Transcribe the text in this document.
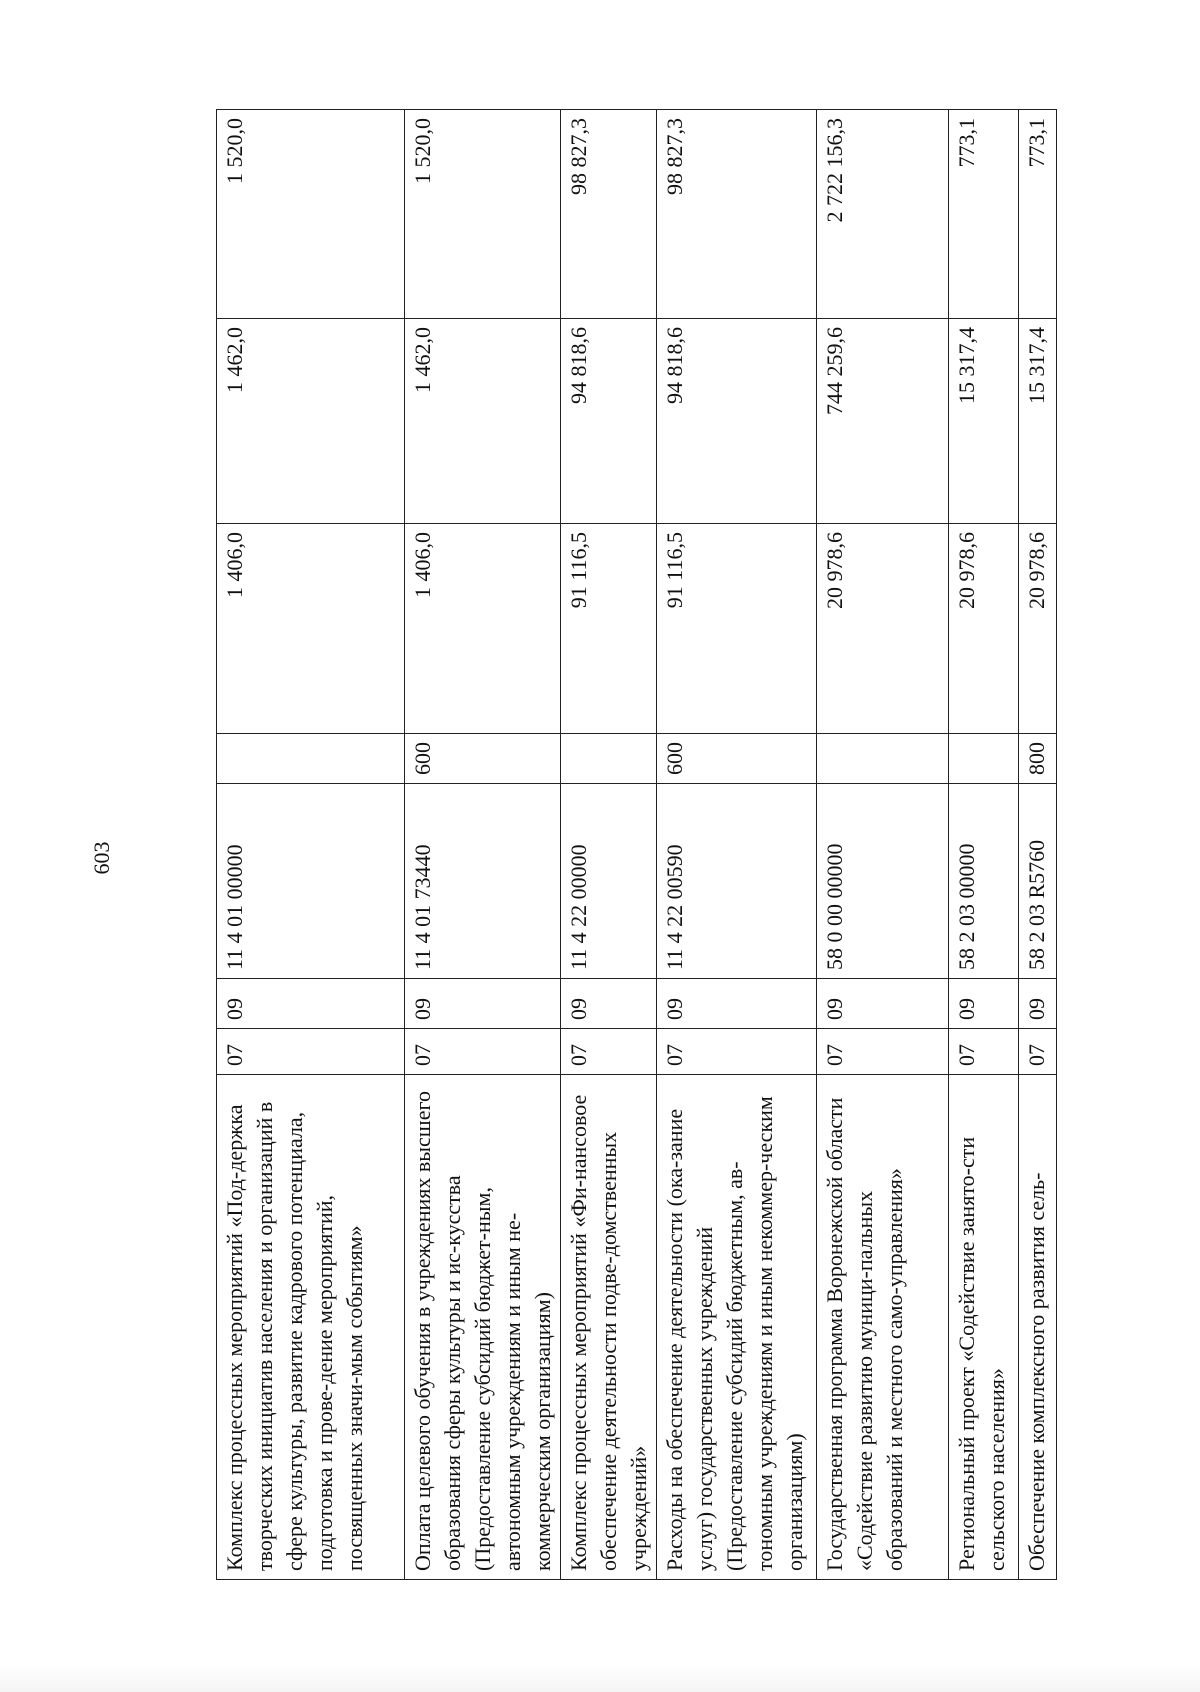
603
Комплекс процессных мероприятий «Под-держка творческих инициатив населения и организаций в сфере культуры, развитие кадрового потенциала, подготовка и прове-дение мероприятий, посвященных значи-мым событиям»	07	09	11 4 01 00000		1 406,0	1 462,0	1 520,0
Оплата целевого обучения в учреждениях высшего образования сферы культуры и ис-кусства (Предоставление субсидий бюджет-ным, автономным учреждениям и иным не-коммерческим организациям)	07	09	11 4 01 73440	600	1 406,0	1 462,0	1 520,0
Комплекс процессных мероприятий «Фи-нансовое обеспечение деятельности подве-домственных учреждений»	07	09	11 4 22 00000		91 116,5	94 818,6	98 827,3
Расходы на обеспечение деятельности (ока-зание услуг) государственных учреждений (Предоставление субсидий бюджетным, ав-тономным учреждениям и иным некоммер-ческим организациям)	07	09	11 4 22 00590	600	91 116,5	94 818,6	98 827,3
Государственная программа Воронежской области «Содействие развитию муници-пальных образований и местного само-управления»	07	09	58 0 00 00000		20 978,6	744 259,6	2 722 156,3
Региональный проект «Содействие занято-сти сельского населения»	07	09	58 2 03 00000		20 978,6	15 317,4	773,1
Обеспечение комплексного развития сель-	07	09	58 2 03 R5760	800	20 978,6	15 317,4	773,1
